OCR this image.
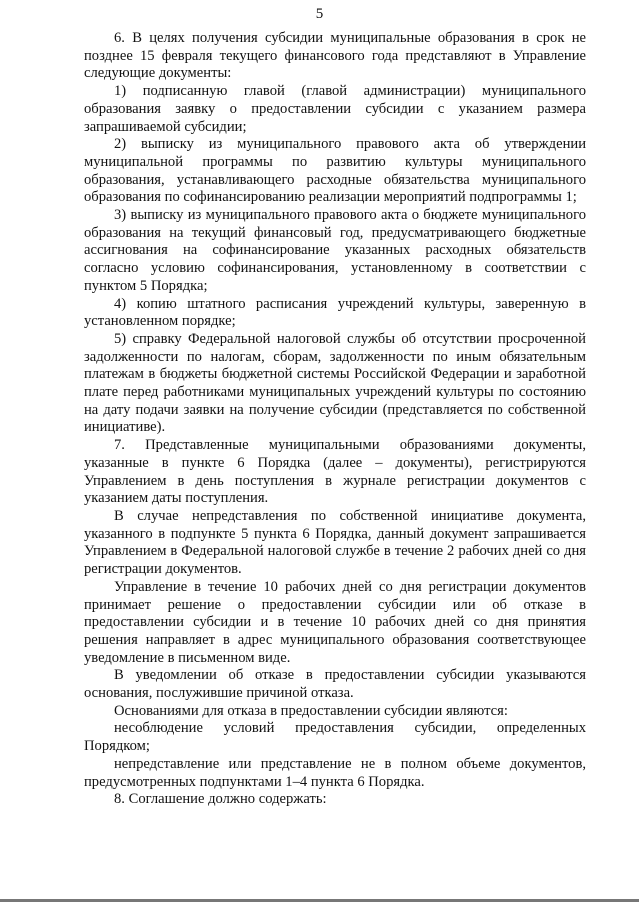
5

6. В целях получения субсидии муниципальные образования в срок не позднее 15 февраля текущего финансового года представляют в Управление следующие документы:

1) подписанную главой (главой администрации) муниципального образования заявку о предоставлении субсидии с указанием размера запрашиваемой субсидии;

2) выписку из муниципального правового акта об утверждении муниципальной программы по развитию культуры муниципального образования, устанавливающего расходные обязательства муниципального образования по софинансированию реализации мероприятий подпрограммы 1;

3) выписку из муниципального правового акта о бюджете муниципального образования на текущий финансовый год, предусматривающего бюджетные ассигнования на софинансирование указанных расходных обязательств согласно условию софинансирования, установленному в соответствии с пунктом 5 Порядка;

4) копию штатного расписания учреждений культуры, заверенную в установленном порядке;

5) справку Федеральной налоговой службы об отсутствии просроченной задолженности по налогам, сборам, задолженности по иным обязательным платежам в бюджеты бюджетной системы Российской Федерации и заработной плате перед работниками муниципальных учреждений культуры по состоянию на дату подачи заявки на получение субсидии (представляется по собственной инициативе).

7. Представленные муниципальными образованиями документы, указанные в пункте 6 Порядка (далее – документы), регистрируются Управлением в день поступления в журнале регистрации документов с указанием даты поступления.

В случае непредставления по собственной инициативе документа, указанного в подпункте 5 пункта 6 Порядка, данный документ запрашивается Управлением в Федеральной налоговой службе в течение 2 рабочих дней со дня регистрации документов.

Управление в течение 10 рабочих дней со дня регистрации документов принимает решение о предоставлении субсидии или об отказе в предоставлении субсидии и в течение 10 рабочих дней со дня принятия решения направляет в адрес муниципального образования соответствующее уведомление в письменном виде.

В уведомлении об отказе в предоставлении субсидии указываются основания, послужившие причиной отказа.

Основаниями для отказа в предоставлении субсидии являются:

несоблюдение условий предоставления субсидии, определенных Порядком;

непредставление или представление не в полном объеме документов, предусмотренных подпунктами 1–4 пункта 6 Порядка.

8. Соглашение должно содержать:
